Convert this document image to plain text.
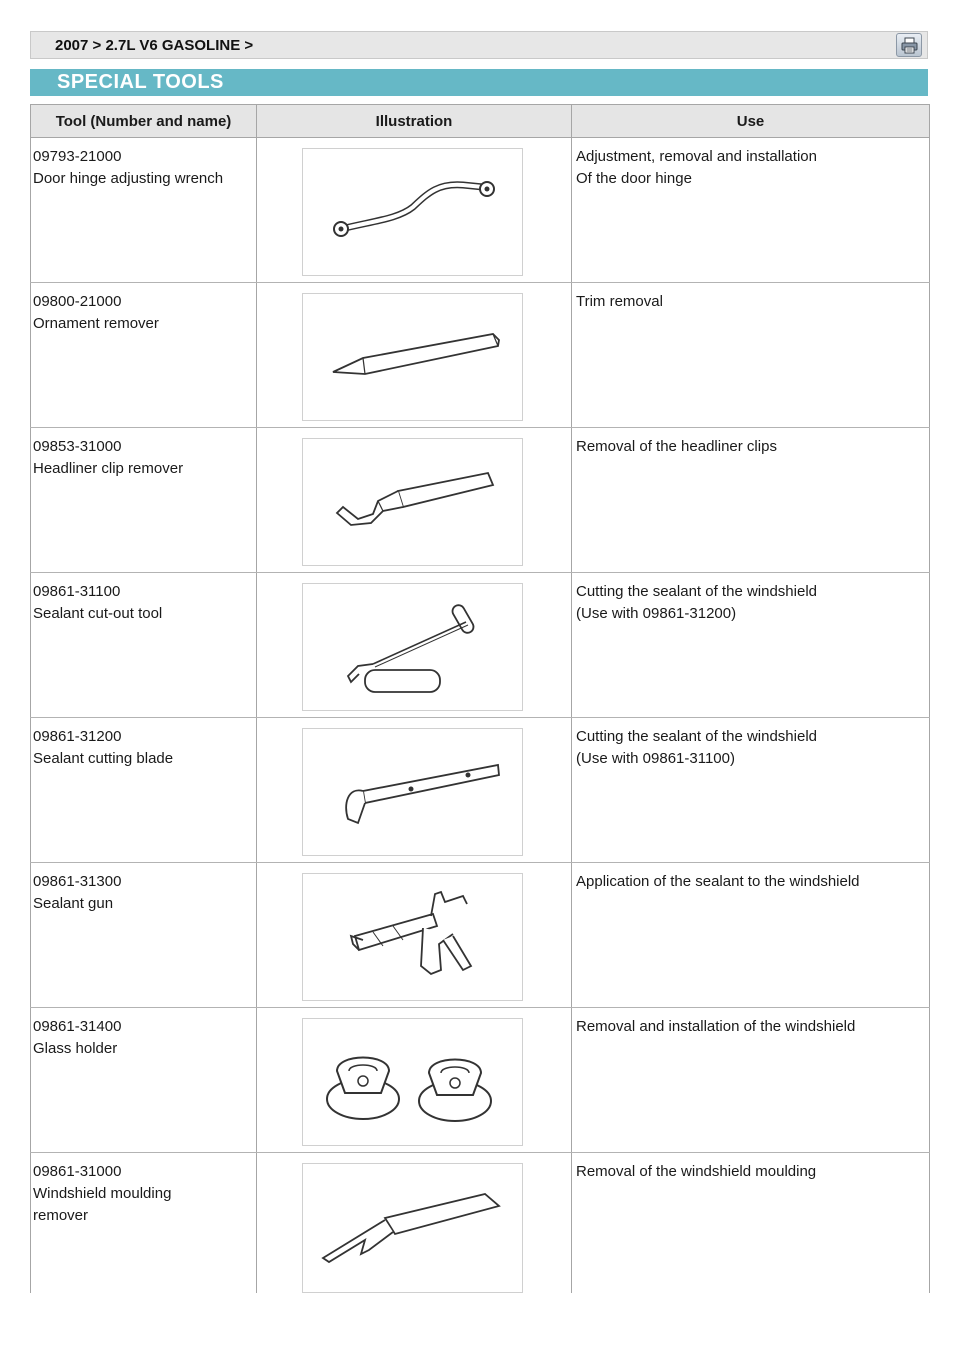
2007 > 2.7L V6 GASOLINE >
SPECIAL TOOLS
Tool (Number and name)	Illustration	Use

09793-21000
Door hinge adjusting wrench		Adjustment, removal and installation
Of the door hinge

09800-21000
Ornament remover		Trim removal

09853-31000
Headliner clip remover		Removal of the headliner clips

09861-31100
Sealant cut-out tool		Cutting the sealant of the windshield
(Use with 09861-31200)

09861-31200
Sealant cutting blade		Cutting the sealant of the windshield
(Use with 09861-31100)

09861-31300
Sealant gun		Application of the sealant to the windshield

09861-31400
Glass holder		Removal and installation of the windshield

09861-31000
Windshield moulding
remover		Removal of the windshield moulding
